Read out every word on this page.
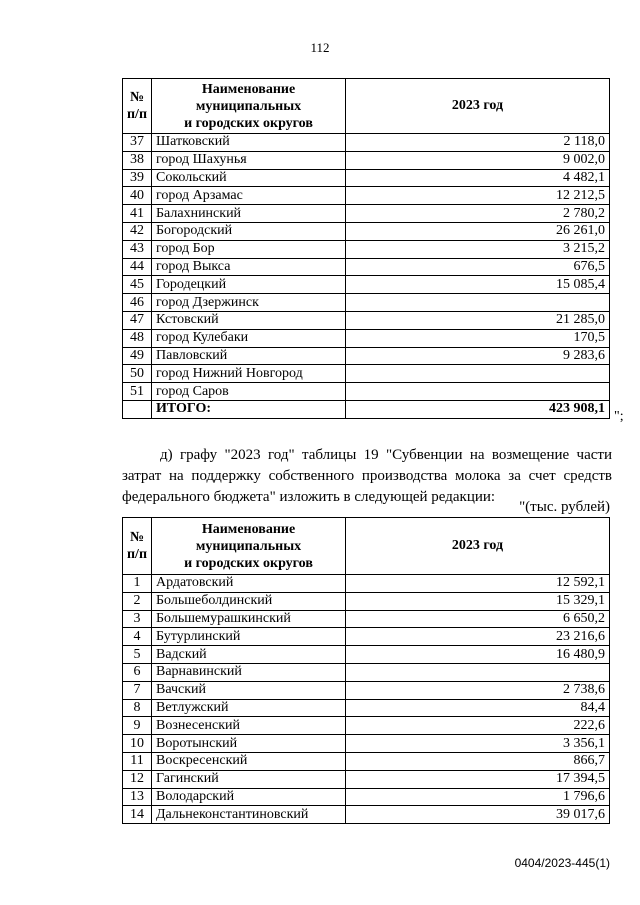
112
№
п/п	Наименование
муниципальных
и городских округов	2023 год
37	Шатковский	2 118,0
38	город Шахунья	9 002,0
39	Сокольский	4 482,1
40	город Арзамас	12 212,5
41	Балахнинский	2 780,2
42	Богородский	26 261,0
43	город Бор	3 215,2
44	город Выкса	676,5
45	Городецкий	15 085,4
46	город Дзержинск	
47	Кстовский	21 285,0
48	город Кулебаки	170,5
49	Павловский	9 283,6
50	город Нижний Новгород	
51	город Саров	
	ИТОГО:	423 908,1
";
д) графу "2023 год" таблицы 19 "Субвенции на возмещение части затрат на поддержку собственного производства молока за счет средств федерального бюджета" изложить в следующей редакции:
"(тыс. рублей)
№
п/п	Наименование
муниципальных
и городских округов	2023 год
1	Ардатовский	12 592,1
2	Большеболдинский	15 329,1
3	Большемурашкинский	6 650,2
4	Бутурлинский	23 216,6
5	Вадский	16 480,9
6	Варнавинский	
7	Вачский	2 738,6
8	Ветлужский	84,4
9	Вознесенский	222,6
10	Воротынский	3 356,1
11	Воскресенский	866,7
12	Гагинский	17 394,5
13	Володарский	1 796,6
14	Дальнеконстантиновский	39 017,6
0404/2023-445(1)
